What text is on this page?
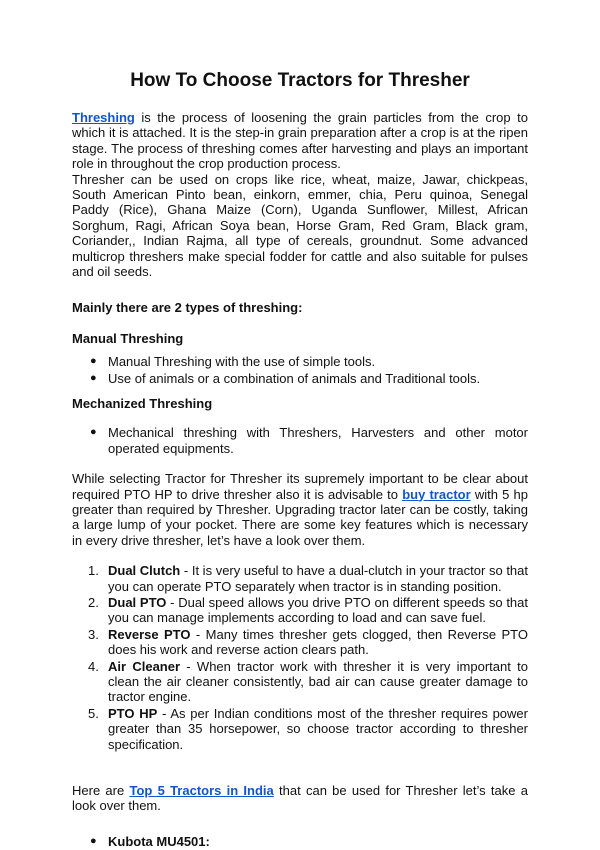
How To Choose Tractors for Thresher

Threshing is the process of loosening the grain particles from the crop to which it is attached. It is the step-in grain preparation after a crop is at the ripen stage. The process of threshing comes after harvesting and plays an important role in throughout the crop production process.

Thresher can be used on crops like rice, wheat, maize, Jawar, chickpeas, South American Pinto bean, einkorn, emmer, chia, Peru quinoa, Senegal Paddy (Rice), Ghana Maize (Corn), Uganda Sunflower, Millest, African Sorghum, Ragi, African Soya bean, Horse Gram, Red Gram, Black gram, Coriander,, Indian Rajma, all type of cereals, groundnut. Some advanced multicrop threshers make special fodder for cattle and also suitable for pulses and oil seeds.

Mainly there are 2 types of threshing:

Manual Threshing

● Manual Threshing with the use of simple tools.
● Use of animals or a combination of animals and Traditional tools.

Mechanized Threshing

● Mechanical threshing with Threshers, Harvesters and other motor operated equipments.

While selecting Tractor for Thresher its supremely important to be clear about required PTO HP to drive thresher also it is advisable to buy tractor with 5 hp greater than required by Thresher. Upgrading tractor later can be costly, taking a large lump of your pocket. There are some key features which is necessary in every drive thresher, let’s have a look over them.

1. Dual Clutch - It is very useful to have a dual-clutch in your tractor so that you can operate PTO separately when tractor is in standing position.
2. Dual PTO - Dual speed allows you drive PTO on different speeds so that you can manage implements according to load and can save fuel.
3. Reverse PTO - Many times thresher gets clogged, then Reverse PTO does his work and reverse action clears path.
4. Air Cleaner - When tractor work with thresher it is very important to clean the air cleaner consistently, bad air can cause greater damage to tractor engine.
5. PTO HP - As per Indian conditions most of the thresher requires power greater than 35 horsepower, so choose tractor according to thresher specification.

Here are Top 5 Tractors in India that can be used for Thresher let’s take a look over them.

● Kubota MU4501:
